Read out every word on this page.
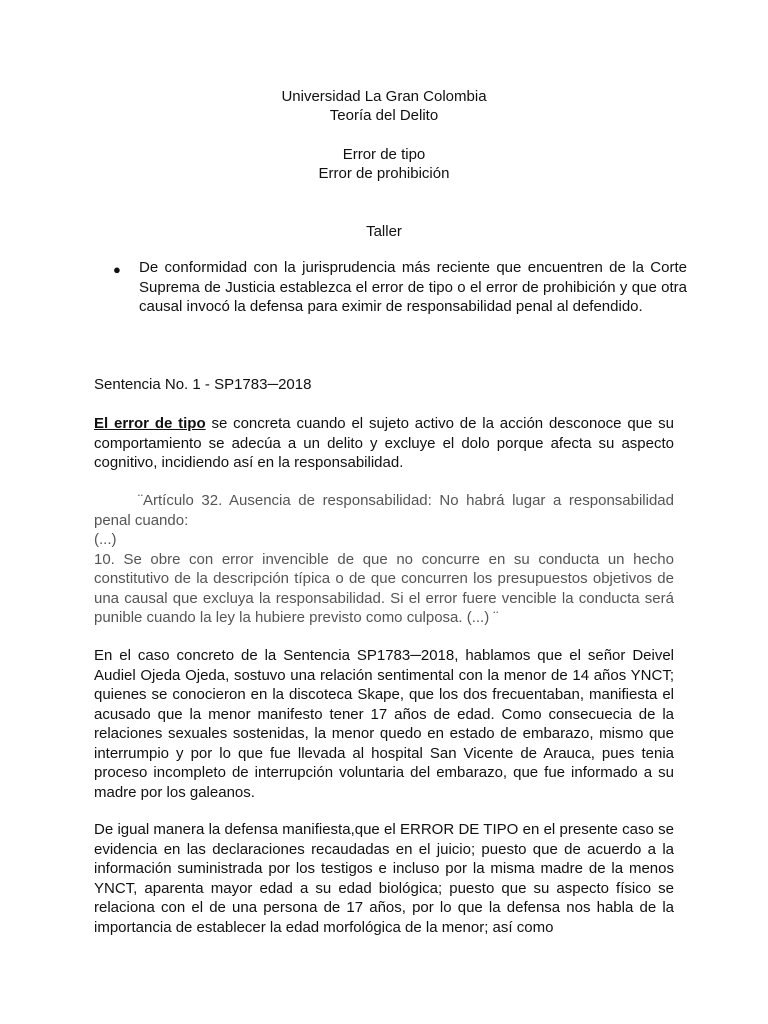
Universidad La Gran Colombia
Teoría del Delito
Error de tipo
Error de prohibición
Taller
● De conformidad con la jurisprudencia más reciente que encuentren de la Corte Suprema de Justicia establezca el error de tipo o el error de prohibición y que otra causal invocó la defensa para eximir de responsabilidad penal al defendido.

Sentencia No. 1 - SP1783─2018

El error de tipo se concreta cuando el sujeto activo de la acción desconoce que su comportamiento se adecúa a un delito y excluye el dolo porque afecta su aspecto cognitivo, incidiendo así en la responsabilidad.

¨Artículo 32. Ausencia de responsabilidad: No habrá lugar a responsabilidad penal cuando:

(...)

10. Se obre con error invencible de que no concurre en su conducta un hecho constitutivo de la descripción típica o de que concurren los presupuestos objetivos de una causal que excluya la responsabilidad. Si el error fuere vencible la conducta será punible cuando la ley la hubiere previsto como culposa. (...) ¨

En el caso concreto de la Sentencia SP1783─2018, hablamos que el señor Deivel Audiel Ojeda Ojeda, sostuvo una relación sentimental con la menor de 14 años YNCT; quienes se conocieron en la discoteca Skape, que los dos frecuentaban, manifiesta el acusado que la menor manifesto tener 17 años de edad. Como consecuecia de la relaciones sexuales sostenidas, la menor quedo en estado de embarazo, mismo que interrumpio y por lo que fue llevada al hospital San Vicente de Arauca, pues tenia proceso incompleto de interrupción voluntaria del embarazo, que fue informado a su madre por los galeanos.

De igual manera la defensa manifiesta,que el ERROR DE TIPO en el presente caso se evidencia en las declaraciones recaudadas en el juicio; puesto que de acuerdo a la información suministrada por los testigos e incluso por la misma madre de la menos YNCT, aparenta mayor edad a su edad biológica; puesto que su aspecto físico se relaciona con el de una persona de 17 años, por lo que la defensa nos habla de la importancia de establecer la edad morfológica de la menor; así como
